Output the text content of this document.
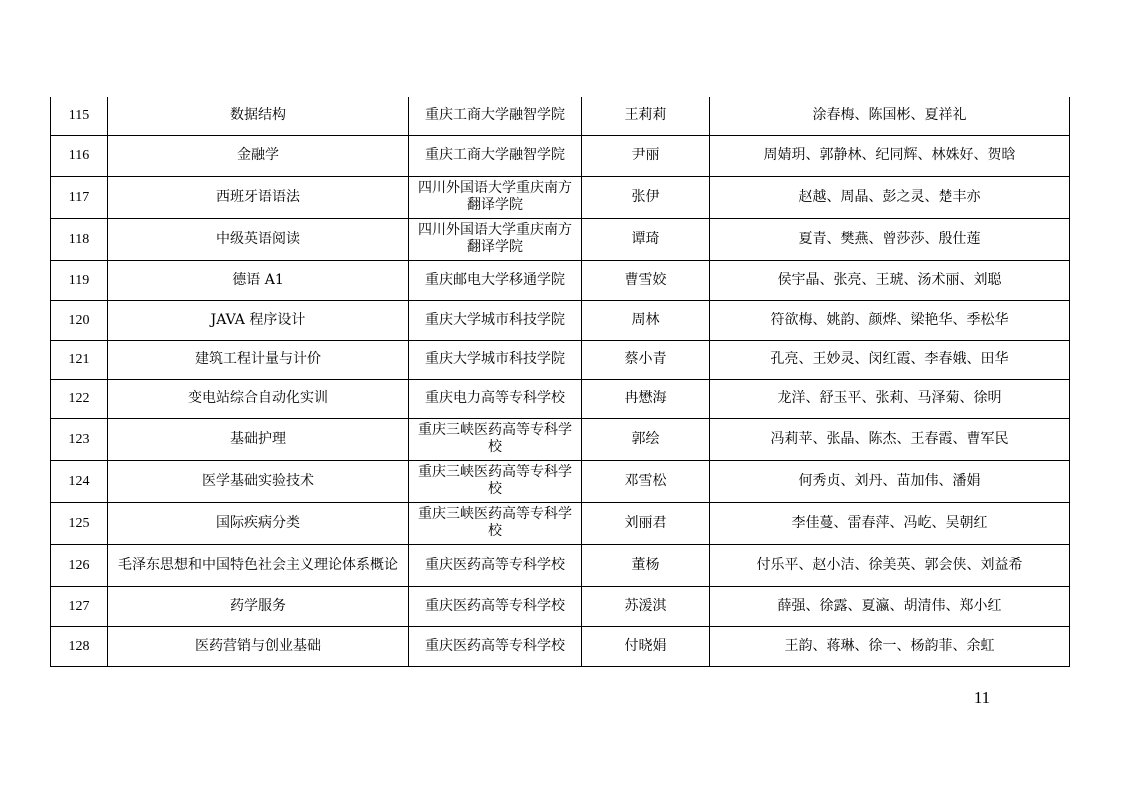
115	数据结构	重庆工商大学融智学院	王莉莉	涂春梅、陈国彬、夏祥礼
116	金融学	重庆工商大学融智学院	尹丽	周婧玥、郭静林、纪同辉、林姝好、贺晗
117	西班牙语语法	四川外国语大学重庆南方翻译学院	张伊	赵越、周晶、彭之灵、楚丰亦
118	中级英语阅读	四川外国语大学重庆南方翻译学院	谭琦	夏青、樊燕、曾莎莎、殷仕莲
119	德语 A1	重庆邮电大学移通学院	曹雪姣	侯宇晶、张亮、王琥、汤术丽、刘聪
120	JAVA 程序设计	重庆大学城市科技学院	周林	符欲梅、姚韵、颜烨、梁艳华、季松华
121	建筑工程计量与计价	重庆大学城市科技学院	蔡小青	孔亮、王妙灵、闵红霞、李春娥、田华
122	变电站综合自动化实训	重庆电力高等专科学校	冉懋海	龙洋、舒玉平、张莉、马泽菊、徐明
123	基础护理	重庆三峡医药高等专科学校	郭绘	冯莉苹、张晶、陈杰、王春霞、曹军民
124	医学基础实验技术	重庆三峡医药高等专科学校	邓雪松	何秀贞、刘丹、苗加伟、潘娟
125	国际疾病分类	重庆三峡医药高等专科学校	刘丽君	李佳蔓、雷春萍、冯屹、吴朝红
126	毛泽东思想和中国特色社会主义理论体系概论	重庆医药高等专科学校	董杨	付乐平、赵小洁、徐美英、郭会侠、刘益希
127	药学服务	重庆医药高等专科学校	苏湲淇	薛强、徐露、夏瀛、胡清伟、郑小红
128	医药营销与创业基础	重庆医药高等专科学校	付晓娟	王韵、蒋琳、徐一、杨韵菲、余虹
11
